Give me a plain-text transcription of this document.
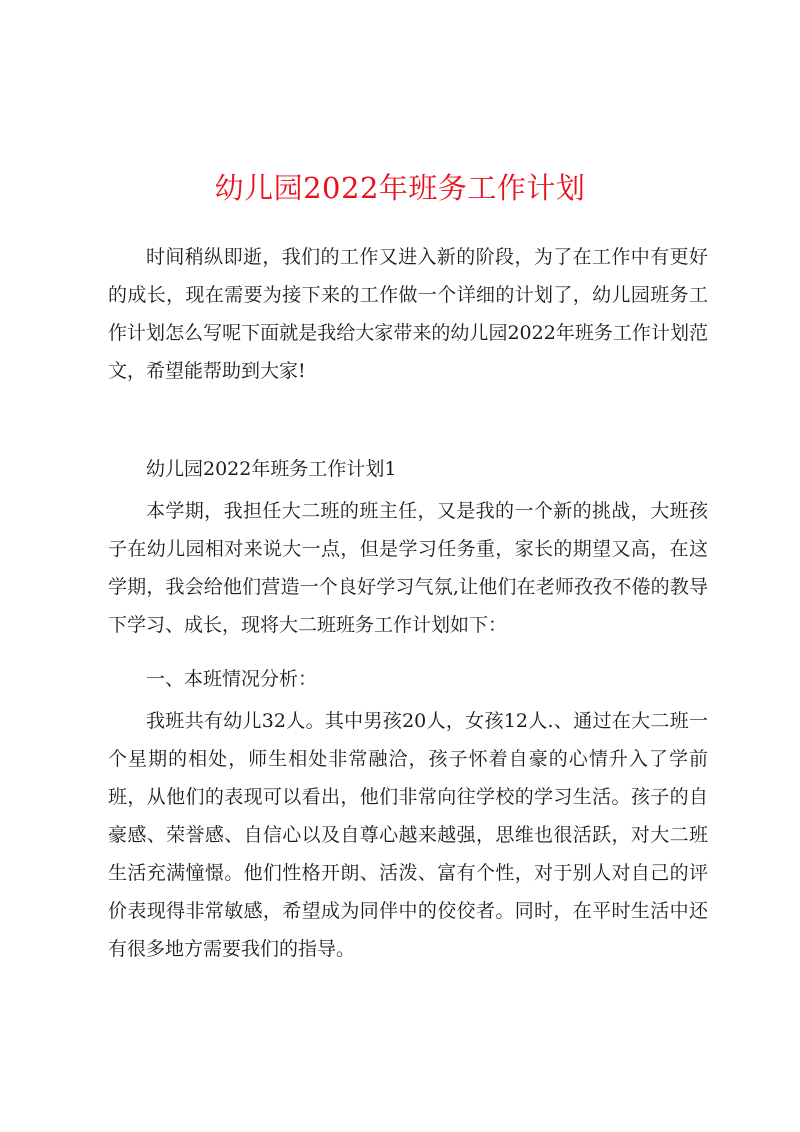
幼儿园2022年班务工作计划

时间稍纵即逝，我们的工作又进入新的阶段，为了在工作中有更好的成长，现在需要为接下来的工作做一个详细的计划了，幼儿园班务工作计划怎么写呢下面就是我给大家带来的幼儿园2022年班务工作计划范文，希望能帮助到大家!

幼儿园2022年班务工作计划1

本学期，我担任大二班的班主任，又是我的一个新的挑战，大班孩子在幼儿园相对来说大一点，但是学习任务重，家长的期望又高，在这学期，我会给他们营造一个良好学习气氛,让他们在老师孜孜不倦的教导下学习、成长，现将大二班班务工作计划如下：

一、本班情况分析：

我班共有幼儿32人。其中男孩20人，女孩12人.、通过在大二班一个星期的相处，师生相处非常融洽，孩子怀着自豪的心情升入了学前班，从他们的表现可以看出，他们非常向往学校的学习生活。孩子的自豪感、荣誉感、自信心以及自尊心越来越强，思维也很活跃，对大二班生活充满憧憬。他们性格开朗、活泼、富有个性，对于别人对自己的评价表现得非常敏感，希望成为同伴中的佼佼者。同时，在平时生活中还有很多地方需要我们的指导。
